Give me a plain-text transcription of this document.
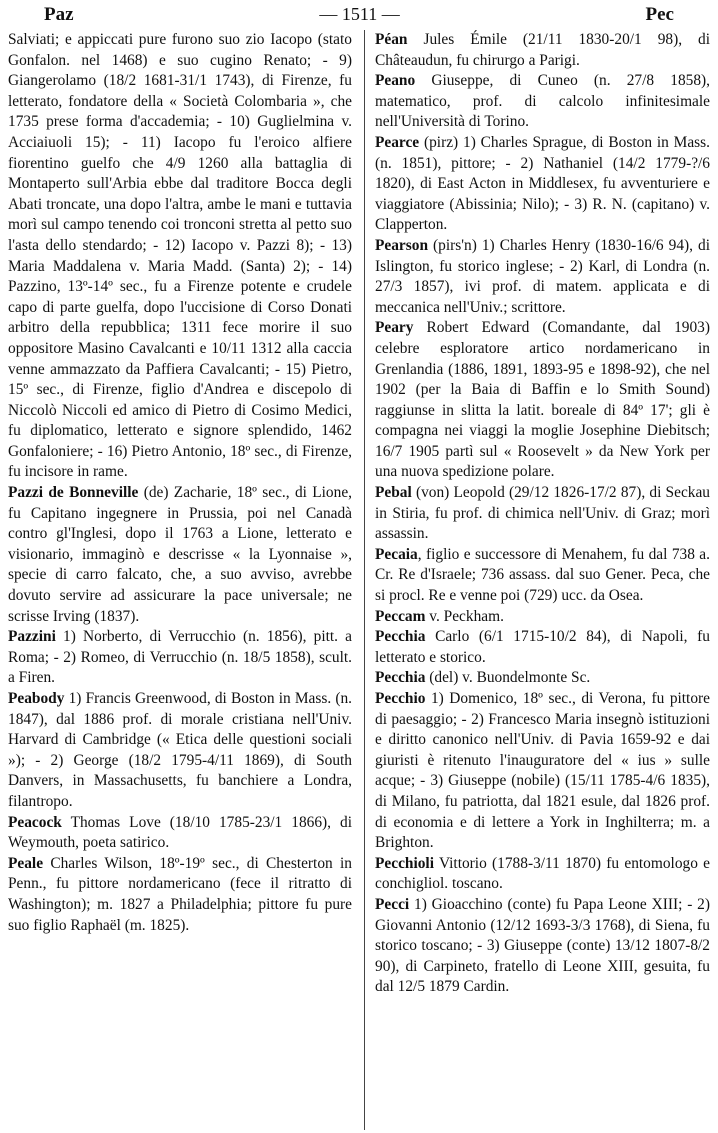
Paz	— 1511 —	Pec

Salviati; e appiccati pure furono suo zio Iacopo (stato Gonfalon. nel 1468) e suo cugino Renato; - 9) Giangerolamo (18/2 1681-31/1 1743), di Firenze, fu letterato, fondatore della « Società Colombaria », che 1735 prese forma d'accademia; - 10) Guglielmina v. Acciaiuoli 15); - 11) Iacopo fu l'eroico alfiere fiorentino guelfo che 4/9 1260 alla battaglia di Montaperto sull'Arbia ebbe dal traditore Bocca degli Abati troncate, una dopo l'altra, ambe le mani e tuttavia morì sul campo tenendo coi tronconi stretta al petto suo l'asta dello stendardo; - 12) Iacopo v. Pazzi 8); - 13) Maria Maddalena v. Maria Madd. (Santa) 2); - 14) Pazzino, 13º-14º sec., fu a Firenze potente e crudele capo di parte guelfa, dopo l'uccisione di Corso Donati arbitro della repubblica; 1311 fece morire il suo oppositore Masino Cavalcanti e 10/11 1312 alla caccia venne ammazzato da Paffiera Cavalcanti; - 15) Pietro, 15º sec., di Firenze, figlio d'Andrea e discepolo di Niccolò Niccoli ed amico di Pietro di Cosimo Medici, fu diplomatico, letterato e signore splendido, 1462 Gonfaloniere; - 16) Pietro Antonio, 18º sec., di Firenze, fu incisore in rame.

Pazzi de Bonneville (de) Zacharie, 18º sec., di Lione, fu Capitano ingegnere in Prussia, poi nel Canadà contro gl'Inglesi, dopo il 1763 a Lione, letterato e visionario, immaginò e descrisse « la Lyonnaise », specie di carro falcato, che, a suo avviso, avrebbe dovuto servire ad assicurare la pace universale; ne scrisse Irving (1837).

Pazzini 1) Norberto, di Verrucchio (n. 1856), pitt. a Roma; - 2) Romeo, di Verrucchio (n. 18/5 1858), scult. a Firen.

Peabody 1) Francis Greenwood, di Boston in Mass. (n. 1847), dal 1886 prof. di morale cristiana nell'Univ. Harvard di Cambridge (« Etica delle questioni sociali »); - 2) George (18/2 1795-4/11 1869), di South Danvers, in Massachusetts, fu banchiere a Londra, filantropo.

Peacock Thomas Love (18/10 1785-23/1 1866), di Weymouth, poeta satirico.

Peale Charles Wilson, 18º-19º sec., di Chesterton in Penn., fu pittore nordamericano (fece il ritratto di Washington); m. 1827 a Philadelphia; pittore fu pure suo figlio Raphaël (m. 1825).

Péan Jules Émile (21/11 1830-20/1 98), di Châteaudun, fu chirurgo a Parigi.

Peano Giuseppe, di Cuneo (n. 27/8 1858), matematico, prof. di calcolo infinitesimale nell'Università di Torino.

Pearce (pirz) 1) Charles Sprague, di Boston in Mass. (n. 1851), pittore; - 2) Nathaniel (14/2 1779-?/6 1820), di East Acton in Middlesex, fu avventuriere e viaggiatore (Abissinia; Nilo); - 3) R. N. (capitano) v. Clapperton.

Pearson (pirs'n) 1) Charles Henry (1830-16/6 94), di Islington, fu storico inglese; - 2) Karl, di Londra (n. 27/3 1857), ivi prof. di matem. applicata e di meccanica nell'Univ.; scrittore.

Peary Robert Edward (Comandante, dal 1903) celebre esploratore artico nordamericano in Grenlandia (1886, 1891, 1893-95 e 1898-92), che nel 1902 (per la Baia di Baffin e lo Smith Sound) raggiunse in slitta la latit. boreale di 84º 17'; gli è compagna nei viaggi la moglie Josephine Diebitsch; 16/7 1905 partì sul « Roosevelt » da New York per una nuova spedizione polare.

Pebal (von) Leopold (29/12 1826-17/2 87), di Seckau in Stiria, fu prof. di chimica nell'Univ. di Graz; morì assassin.

Pecaia, figlio e successore di Menahem, fu dal 738 a. Cr. Re d'Israele; 736 assass. dal suo Gener. Peca, che si procl. Re e venne poi (729) ucc. da Osea.

Peccam v. Peckham.

Pecchia Carlo (6/1 1715-10/2 84), di Napoli, fu letterato e storico.

Pecchia (del) v. Buondelmonte Sc.

Pecchio 1) Domenico, 18º sec., di Verona, fu pittore di paesaggio; - 2) Francesco Maria insegnò istituzioni e diritto canonico nell'Univ. di Pavia 1659-92 e dai giuristi è ritenuto l'inauguratore del « ius » sulle acque; - 3) Giuseppe (nobile) (15/11 1785-4/6 1835), di Milano, fu patriotta, dal 1821 esule, dal 1826 prof. di economia e di lettere a York in Inghilterra; m. a Brighton.

Pecchioli Vittorio (1788-3/11 1870) fu entomologo e conchigliol. toscano.

Pecci 1) Gioacchino (conte) fu Papa Leone XIII; - 2) Giovanni Antonio (12/12 1693-3/3 1768), di Siena, fu storico toscano; - 3) Giuseppe (conte) 13/12 1807-8/2 90), di Carpineto, fratello di Leone XIII, gesuita, fu dal 12/5 1879 Cardin.
